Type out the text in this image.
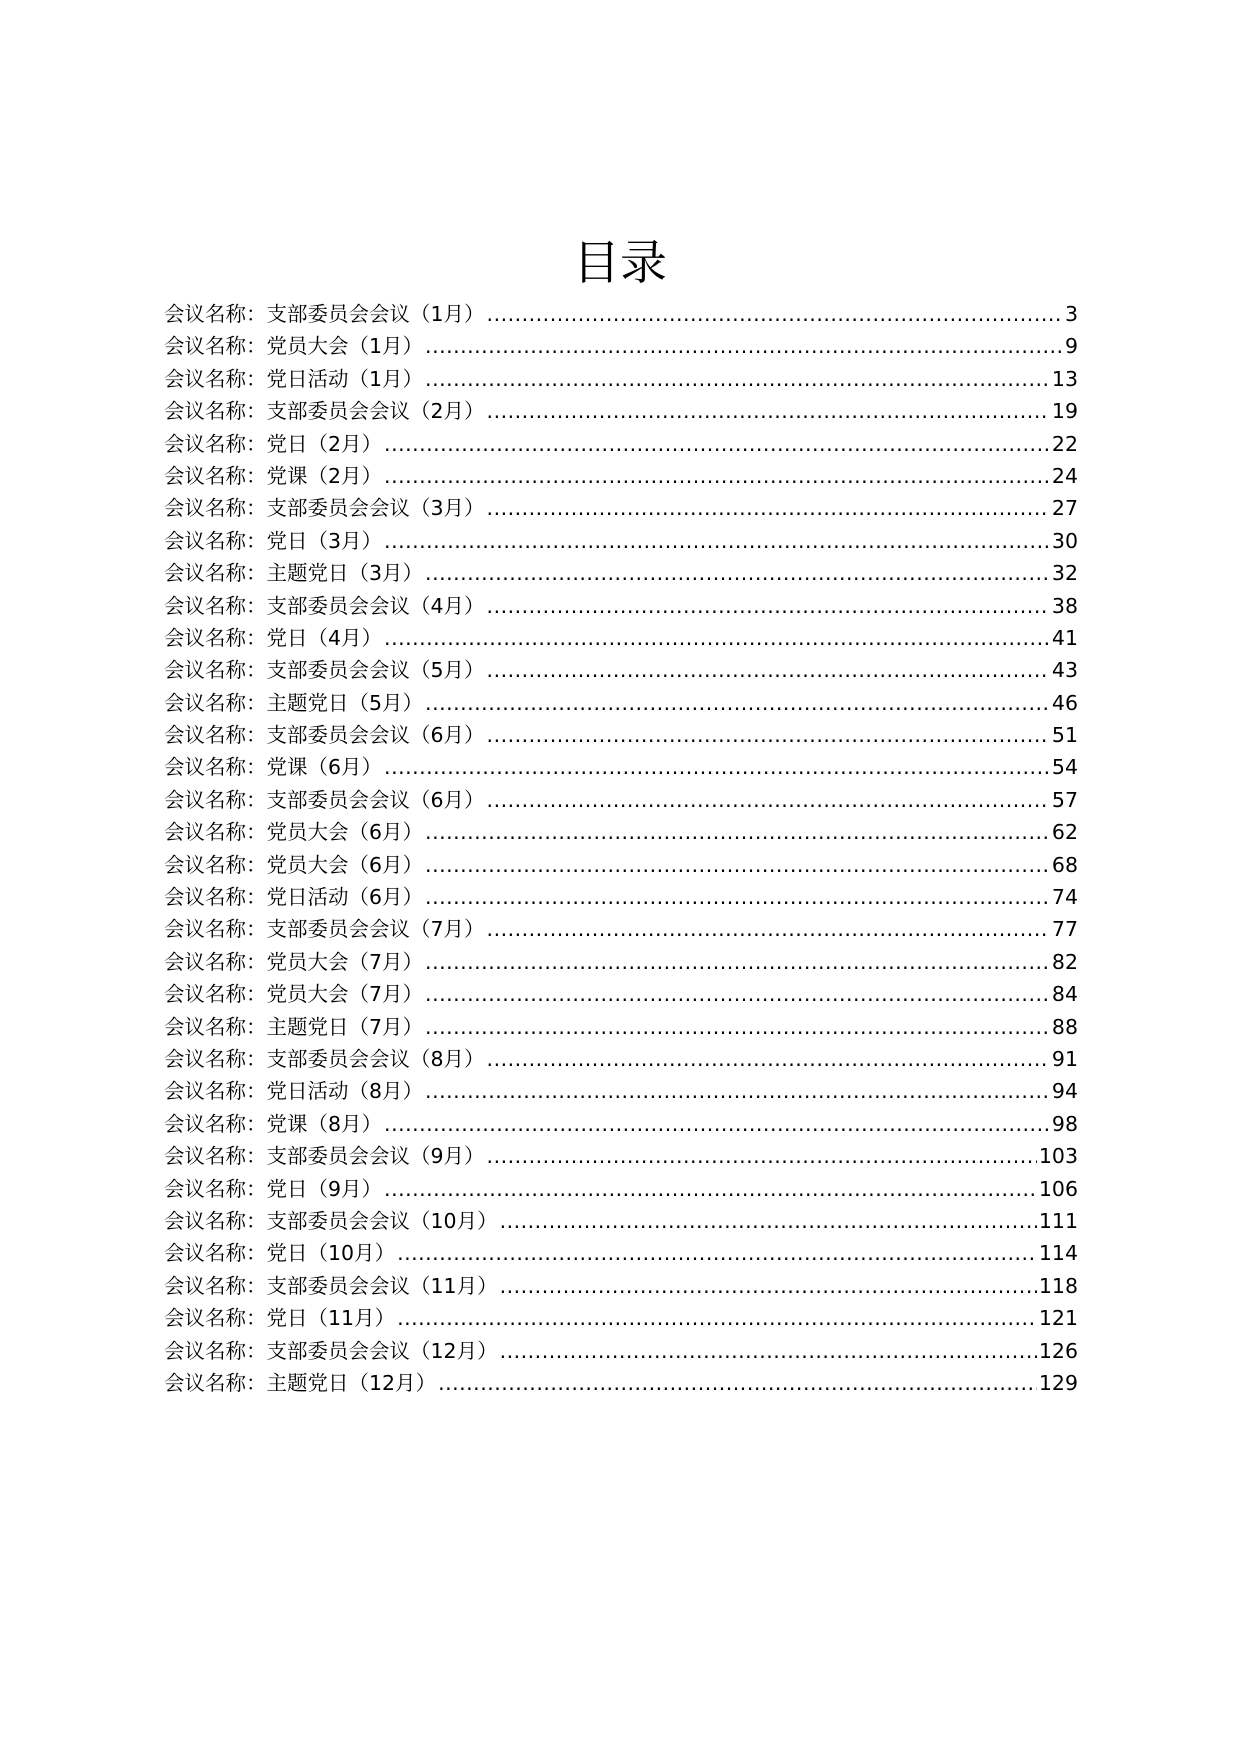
目录
会议名称：支部委员会会议（1月） .....	3
会议名称：党员大会（1月） .....	9
会议名称：党日活动（1月） .....	13
会议名称：支部委员会会议（2月） .....	19
会议名称：党日（2月） .....	22
会议名称：党课（2月） .....	24
会议名称：支部委员会会议（3月） .....	27
会议名称：党日（3月） .....	30
会议名称：主题党日（3月） .....	32
会议名称：支部委员会会议（4月） .....	38
会议名称：党日（4月） .....	41
会议名称：支部委员会会议（5月） .....	43
会议名称：主题党日（5月） .....	46
会议名称：支部委员会会议（6月） .....	51
会议名称：党课（6月） .....	54
会议名称：支部委员会会议（6月） .....	57
会议名称：党员大会（6月） .....	62
会议名称：党员大会（6月） .....	68
会议名称：党日活动（6月） .....	74
会议名称：支部委员会会议（7月） .....	77
会议名称：党员大会（7月） .....	82
会议名称：党员大会（7月） .....	84
会议名称：主题党日（7月） .....	88
会议名称：支部委员会会议（8月） .....	91
会议名称：党日活动（8月） .....	94
会议名称：党课（8月） .....	98
会议名称：支部委员会会议（9月） .....	103
会议名称：党日（9月） .....	106
会议名称：支部委员会会议（10月） .....	111
会议名称：党日（10月） .....	114
会议名称：支部委员会会议（11月） .....	118
会议名称：党日（11月） .....	121
会议名称：支部委员会会议（12月） .....	126
会议名称：主题党日（12月） .....	129
